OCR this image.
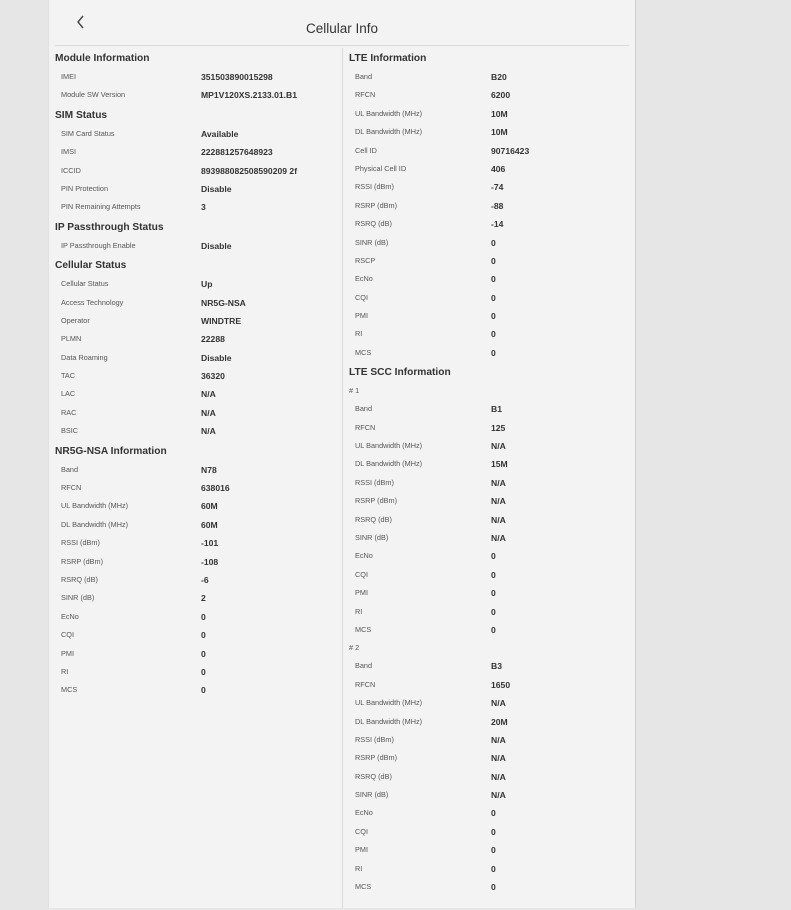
Cellular Info
Module Information
IMEI	351503890015298
Module SW Version	MP1V120XS.2133.01.B1
SIM Status
SIM Card Status	Available
IMSI	222881257648923
ICCID	893988082508590209 2f
PIN Protection	Disable
PIN Remaining Attempts	3
IP Passthrough Status
IP Passthrough Enable	Disable
Cellular Status
Cellular Status	Up
Access Technology	NR5G-NSA
Operator	WINDTRE
PLMN	22288
Data Roaming	Disable
TAC	36320
LAC	N/A
RAC	N/A
BSIC	N/A
NR5G-NSA Information
Band	N78
RFCN	638016
UL Bandwidth (MHz)	60M
DL Bandwidth (MHz)	60M
RSSI (dBm)	-101
RSRP (dBm)	-108
RSRQ (dB)	-6
SINR (dB)	2
EcNo	0
CQI	0
PMI	0
RI	0
MCS	0
LTE Information
Band	B20
RFCN	6200
UL Bandwidth (MHz)	10M
DL Bandwidth (MHz)	10M
Cell ID	90716423
Physical Cell ID	406
RSSI (dBm)	-74
RSRP (dBm)	-88
RSRQ (dB)	-14
SINR (dB)	0
RSCP	0
EcNo	0
CQI	0
PMI	0
RI	0
MCS	0
LTE SCC Information
# 1
Band	B1
RFCN	125
UL Bandwidth (MHz)	N/A
DL Bandwidth (MHz)	15M
RSSI (dBm)	N/A
RSRP (dBm)	N/A
RSRQ (dB)	N/A
SINR (dB)	N/A
EcNo	0
CQI	0
PMI	0
RI	0
MCS	0
# 2
Band	B3
RFCN	1650
UL Bandwidth (MHz)	N/A
DL Bandwidth (MHz)	20M
RSSI (dBm)	N/A
RSRP (dBm)	N/A
RSRQ (dB)	N/A
SINR (dB)	N/A
EcNo	0
CQI	0
PMI	0
RI	0
MCS	0
